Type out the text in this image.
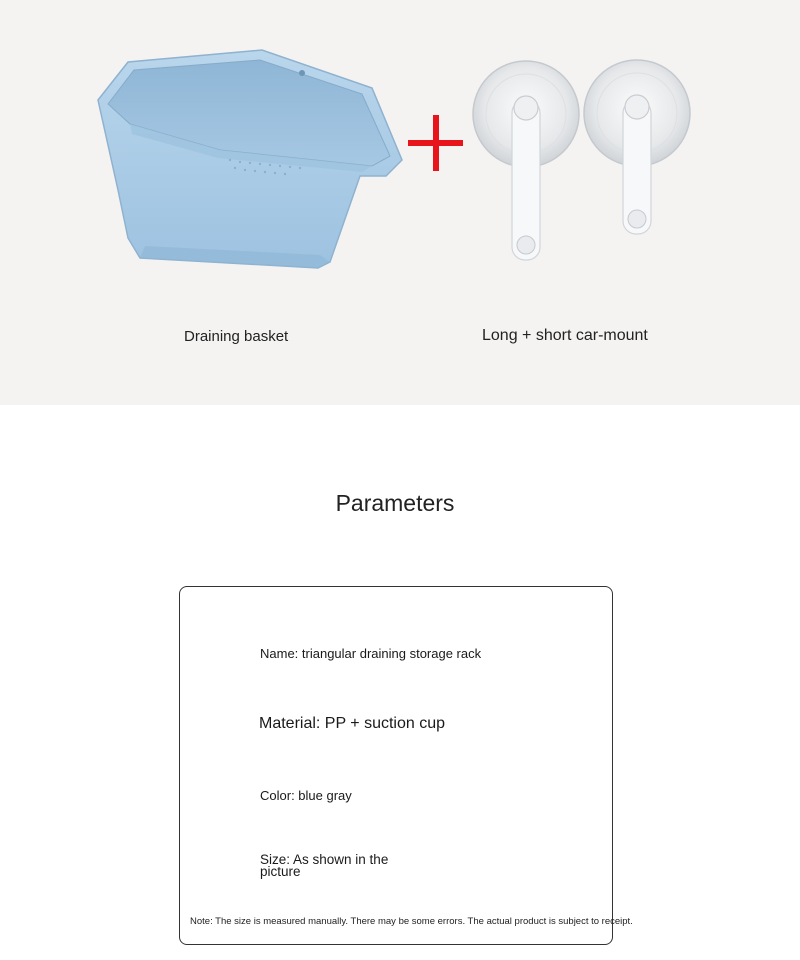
Draining basket	Long + short car-mount
Parameters
Name: triangular draining storage rack
Material: PP + suction cup
Color: blue gray
Size: As shown in the picture
Note: The size is measured manually. There may be some errors. The actual product is subject to receipt.
